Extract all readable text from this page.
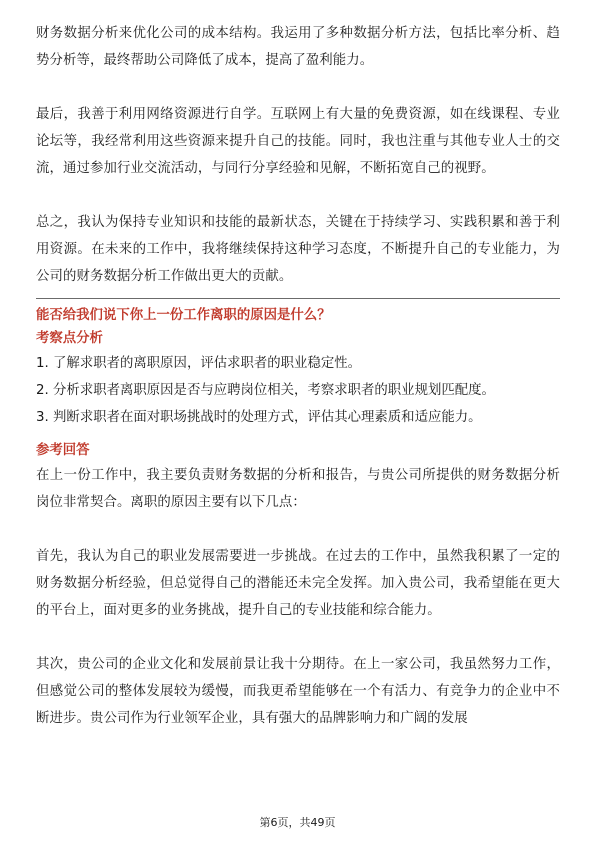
财务数据分析来优化公司的成本结构。我运用了多种数据分析方法，包括比率分析、趋势分析等，最终帮助公司降低了成本，提高了盈利能力。

最后，我善于利用网络资源进行自学。互联网上有大量的免费资源，如在线课程、专业论坛等，我经常利用这些资源来提升自己的技能。同时，我也注重与其他专业人士的交流，通过参加行业交流活动，与同行分享经验和见解，不断拓宽自己的视野。

总之，我认为保持专业知识和技能的最新状态，关键在于持续学习、实践积累和善于利用资源。在未来的工作中，我将继续保持这种学习态度，不断提升自己的专业能力，为公司的财务数据分析工作做出更大的贡献。

能否给我们说下你上一份工作离职的原因是什么？
考察点分析
1. 了解求职者的离职原因，评估求职者的职业稳定性。
2. 分析求职者离职原因是否与应聘岗位相关，考察求职者的职业规划匹配度。
3. 判断求职者在面对职场挑战时的处理方式，评估其心理素质和适应能力。
参考回答

在上一份工作中，我主要负责财务数据的分析和报告，与贵公司所提供的财务数据分析岗位非常契合。离职的原因主要有以下几点：

首先，我认为自己的职业发展需要进一步挑战。在过去的工作中，虽然我积累了一定的财务数据分析经验，但总觉得自己的潜能还未完全发挥。加入贵公司，我希望能在更大的平台上，面对更多的业务挑战，提升自己的专业技能和综合能力。

其次，贵公司的企业文化和发展前景让我十分期待。在上一家公司，我虽然努力工作，但感觉公司的整体发展较为缓慢，而我更希望能够在一个有活力、有竞争力的企业中不断进步。贵公司作为行业领军企业，具有强大的品牌影响力和广阔的发展

第6页，共49页
